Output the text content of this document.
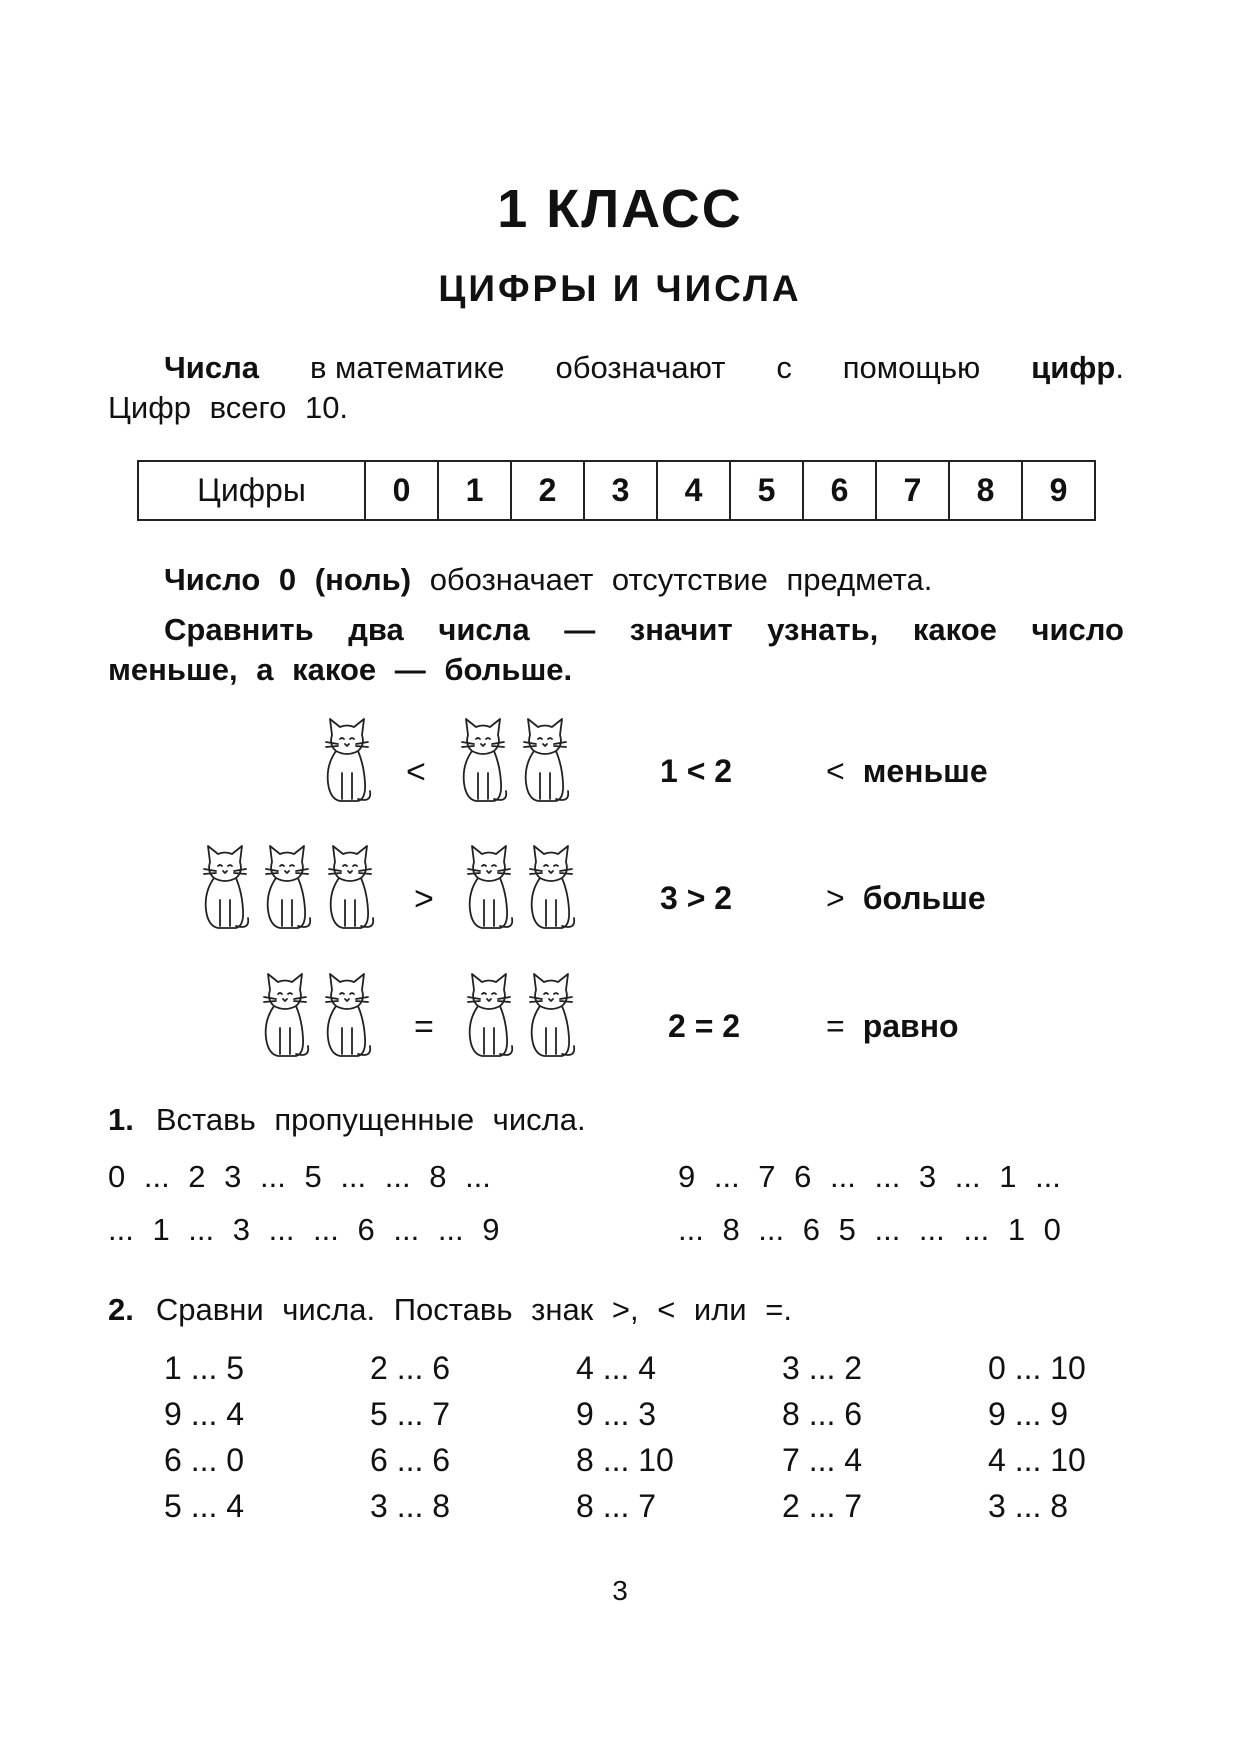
1 КЛАСС
ЦИФРЫ И ЧИСЛА
Числа в математике обозначают с помощью цифр.
Цифр всего 10.
Цифры	0	1	2	3	4	5	6	7	8	9
Число 0 (ноль) обозначает отсутствие предмета.
Сравнить два числа — значит узнать, какое число
меньше, а какое — больше.
<
	1 < 2	< меньше

>
	3 > 2	> больше

=
	2 = 2	= равно
1. Вставь пропущенные числа.
0 ... 2 3 ... 5 ... ... 8 ...	9 ... 7 6 ... ... 3 ... 1 ...
... 1 ... 3 ... ... 6 ... ... 9	... 8 ... 6 5 ... ... ... 1 0
2. Сравни числа. Поставь знак >, < или =.
1 ... 5	2 ... 6	4 ... 4	3 ... 2	0 ... 10
9 ... 4	5 ... 7	9 ... 3	8 ... 6	9 ... 9
6 ... 0	6 ... 6	8 ... 10	7 ... 4	4 ... 10
5 ... 4	3 ... 8	8 ... 7	2 ... 7	3 ... 8
3
